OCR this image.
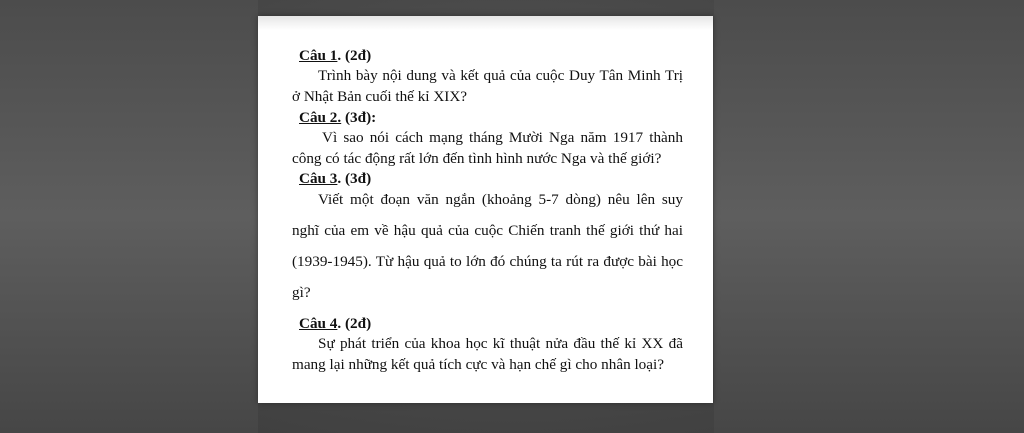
Câu 1. (2đ)

Trình bày nội dung và kết quả của cuộc Duy Tân Minh Trị ở Nhật Bản cuối thế kỉ XIX?

Câu 2. (3đ):

Vì sao nói cách mạng tháng Mười Nga năm 1917 thành công có tác động rất lớn đến tình hình nước Nga và thế giới?

Câu 3. (3đ)

Viết một đoạn văn ngắn (khoảng 5-7 dòng) nêu lên suy nghĩ của em về hậu quả của cuộc Chiến tranh thế giới thứ hai (1939-1945). Từ hậu quả to lớn đó chúng ta rút ra được bài học gì?

Câu 4. (2đ)

Sự phát triển của khoa học kĩ thuật nửa đầu thế kỉ XX đã mang lại những kết quả tích cực và hạn chế gì cho nhân loại?
